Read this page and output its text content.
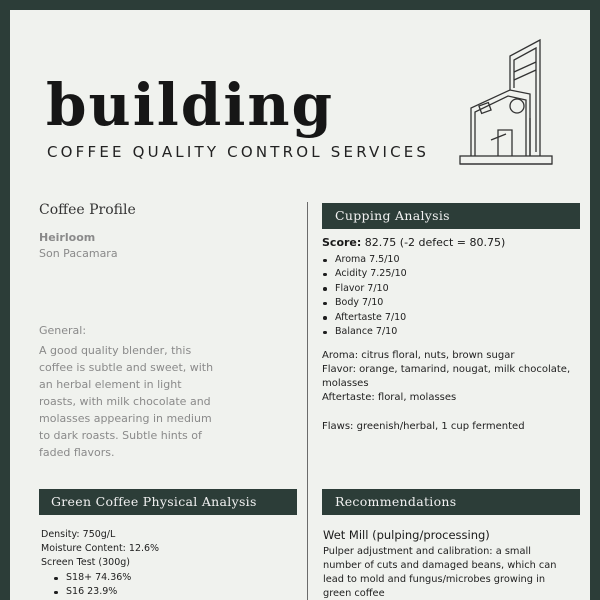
building
COFFEE QUALITY CONTROL SERVICES
Coffee Profile
Heirloom
Son Pacamara
General:
A good quality blender, this coffee is subtle and sweet, with an herbal element in light roasts, with milk chocolate and molasses appearing in medium to dark roasts. Subtle hints of faded flavors.
Cupping Analysis
Score: 82.75 (-2 defect = 80.75)
Aroma 7.5/10
Acidity 7.25/10
Flavor 7/10
Body 7/10
Aftertaste 7/10
Balance 7/10
Aroma: citrus floral, nuts, brown sugar
Flavor: orange, tamarind, nougat, milk chocolate, molasses
Aftertaste: floral, molasses
Flaws: greenish/herbal, 1 cup fermented
Green Coffee Physical Analysis
Density: 750g/L
Moisture Content: 12.6%
Screen Test (300g)
S18+ 74.36%
S16 23.9%
Recommendations
Wet Mill (pulping/processing)
Pulper adjustment and calibration: a small number of cuts and damaged beans, which can lead to mold and fungus/microbes growing in green coffee
